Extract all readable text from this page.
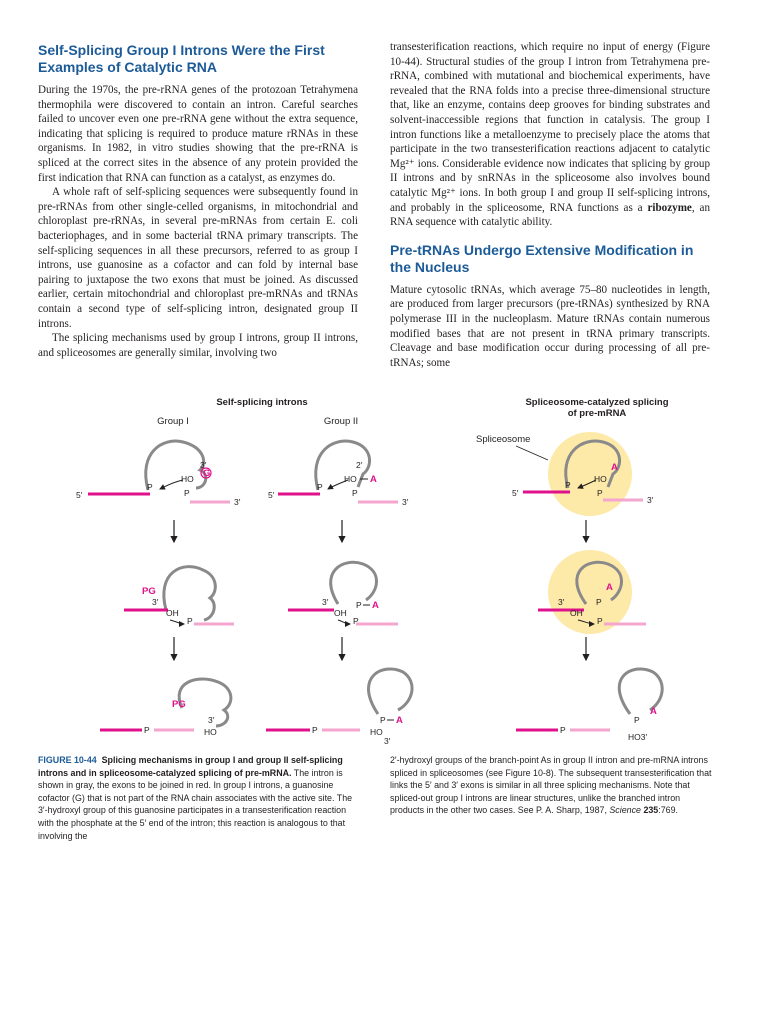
Self-Splicing Group I Introns Were the First Examples of Catalytic RNA

During the 1970s, the pre-rRNA genes of the protozoan Tetrahymena thermophila were discovered to contain an intron. Careful searches failed to uncover even one pre-rRNA gene without the extra sequence, indicating that splicing is required to produce mature rRNAs in these organisms. In 1982, in vitro studies showing that the pre-rRNA is spliced at the correct sites in the absence of any protein provided the first indication that RNA can function as a catalyst, as enzymes do.

A whole raft of self-splicing sequences were subsequently found in pre-rRNAs from other single-celled organisms, in mitochondrial and chloroplast pre-rRNAs, in several pre-mRNAs from certain E. coli bacteriophages, and in some bacterial tRNA primary transcripts. The self-splicing sequences in all these precursors, referred to as group I introns, use guanosine as a cofactor and can fold by internal base pairing to juxtapose the two exons that must be joined. As discussed earlier, certain mitochondrial and chloroplast pre-mRNAs and tRNAs contain a second type of self-splicing intron, designated group II introns.

The splicing mechanisms used by group I introns, group II introns, and spliceosomes are generally similar, involving two

transesterification reactions, which require no input of energy (Figure 10-44). Structural studies of the group I intron from Tetrahymena pre-rRNA, combined with mutational and biochemical experiments, have revealed that the RNA folds into a precise three-dimensional structure that, like an enzyme, contains deep grooves for binding substrates and solvent-inaccessible regions that function in catalysis. The group I intron functions like a metalloenzyme to precisely place the atoms that participate in the two transesterification reactions adjacent to catalytic Mg²⁺ ions. Considerable evidence now indicates that splicing by group II introns and by snRNAs in the spliceosome also involves bound catalytic Mg²⁺ ions. In both group I and group II self-splicing introns, and probably in the spliceosome, RNA functions as a ribozyme, an RNA sequence with catalytic ability.

Pre-tRNAs Undergo Extensive Modification in the Nucleus

Mature cytosolic tRNAs, which average 75–80 nucleotides in length, are produced from larger precursors (pre-tRNAs) synthesized by RNA polymerase III in the nucleoplasm. Mature tRNAs contain numerous modified bases that are not present in tRNA primary transcripts. Cleavage and base modification occur during processing of all pre-tRNAs; some

Self-splicing introns	Spliceosome-catalyzed splicing
of pre-mRNA
Group I	Group II
3′
HO G
P
P
5′
3′
2′
HO A
P
P
5′
3′
Spliceosome
A
HO
P
P
5′
3′
PG
3′
OH
P
3′
OH
P A
P
A
3′
OH
P
P
P
PG
3′
HO	P
P A
HO
3′
P
A
P
HO3′

FIGURE 10-44 Splicing mechanisms in group I and group II self-splicing introns and in spliceosome-catalyzed splicing of pre-mRNA. The intron is shown in gray, the exons to be joined in red. In group I introns, a guanosine cofactor (G) that is not part of the RNA chain associates with the active site. The 3′-hydroxyl group of this guanosine participates in a transesterification reaction with the phosphate at the 5′ end of the intron; this reaction is analogous to that involving the

2′-hydroxyl groups of the branch-point As in group II intron and pre-mRNA introns spliced in spliceosomes (see Figure 10-8). The subsequent transesterification that links the 5′ and 3′ exons is similar in all three splicing mechanisms. Note that spliced-out group I introns are linear structures, unlike the branched intron products in the other two cases. See P. A. Sharp, 1987, Science 235:769.
